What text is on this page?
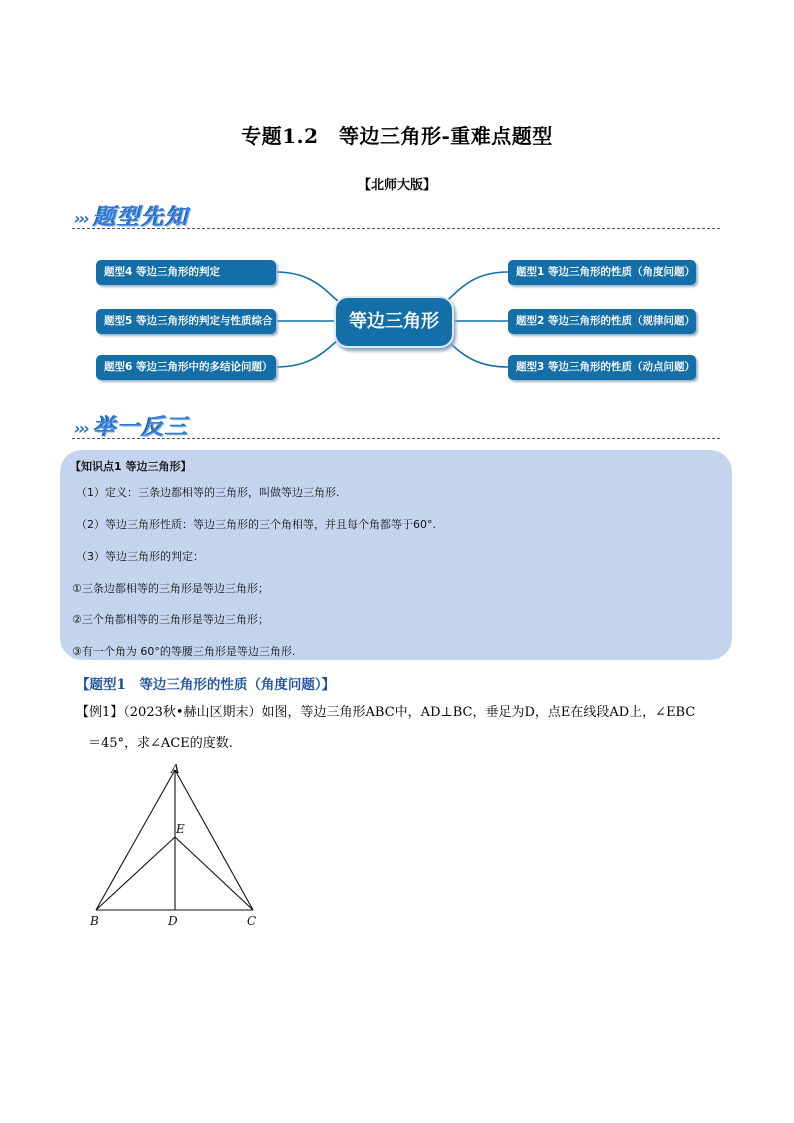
专题1.2　等边三角形-重难点题型
【北师大版】
››› 题型先知
题型4 等边三角形的判定
题型5 等边三角形的判定与性质综合
题型6 等边三角形中的多结论问题）
题型1 等边三角形的性质（角度问题）
题型2 等边三角形的性质（规律问题）
题型3 等边三角形的性质（动点问题）
等边三角形
››› 举一反三
【知识点1 等边三角形】
（1）定义：三条边都相等的三角形，叫做等边三角形.
（2）等边三角形性质：等边三角形的三个角相等，并且每个角都等于60°.
（3）等边三角形的判定：
①三条边都相等的三角形是等边三角形；
②三个角都相等的三角形是等边三角形；
③有一个角为 60°的等腰三角形是等边三角形.
【题型1　等边三角形的性质（角度问题）】
【例1】（2023秋•赫山区期末）如图，等边三角形ABC中，AD⊥BC，垂足为D，点E在线段AD上，∠EBC
＝45°，求∠ACE的度数.
A
E
B	D	C
